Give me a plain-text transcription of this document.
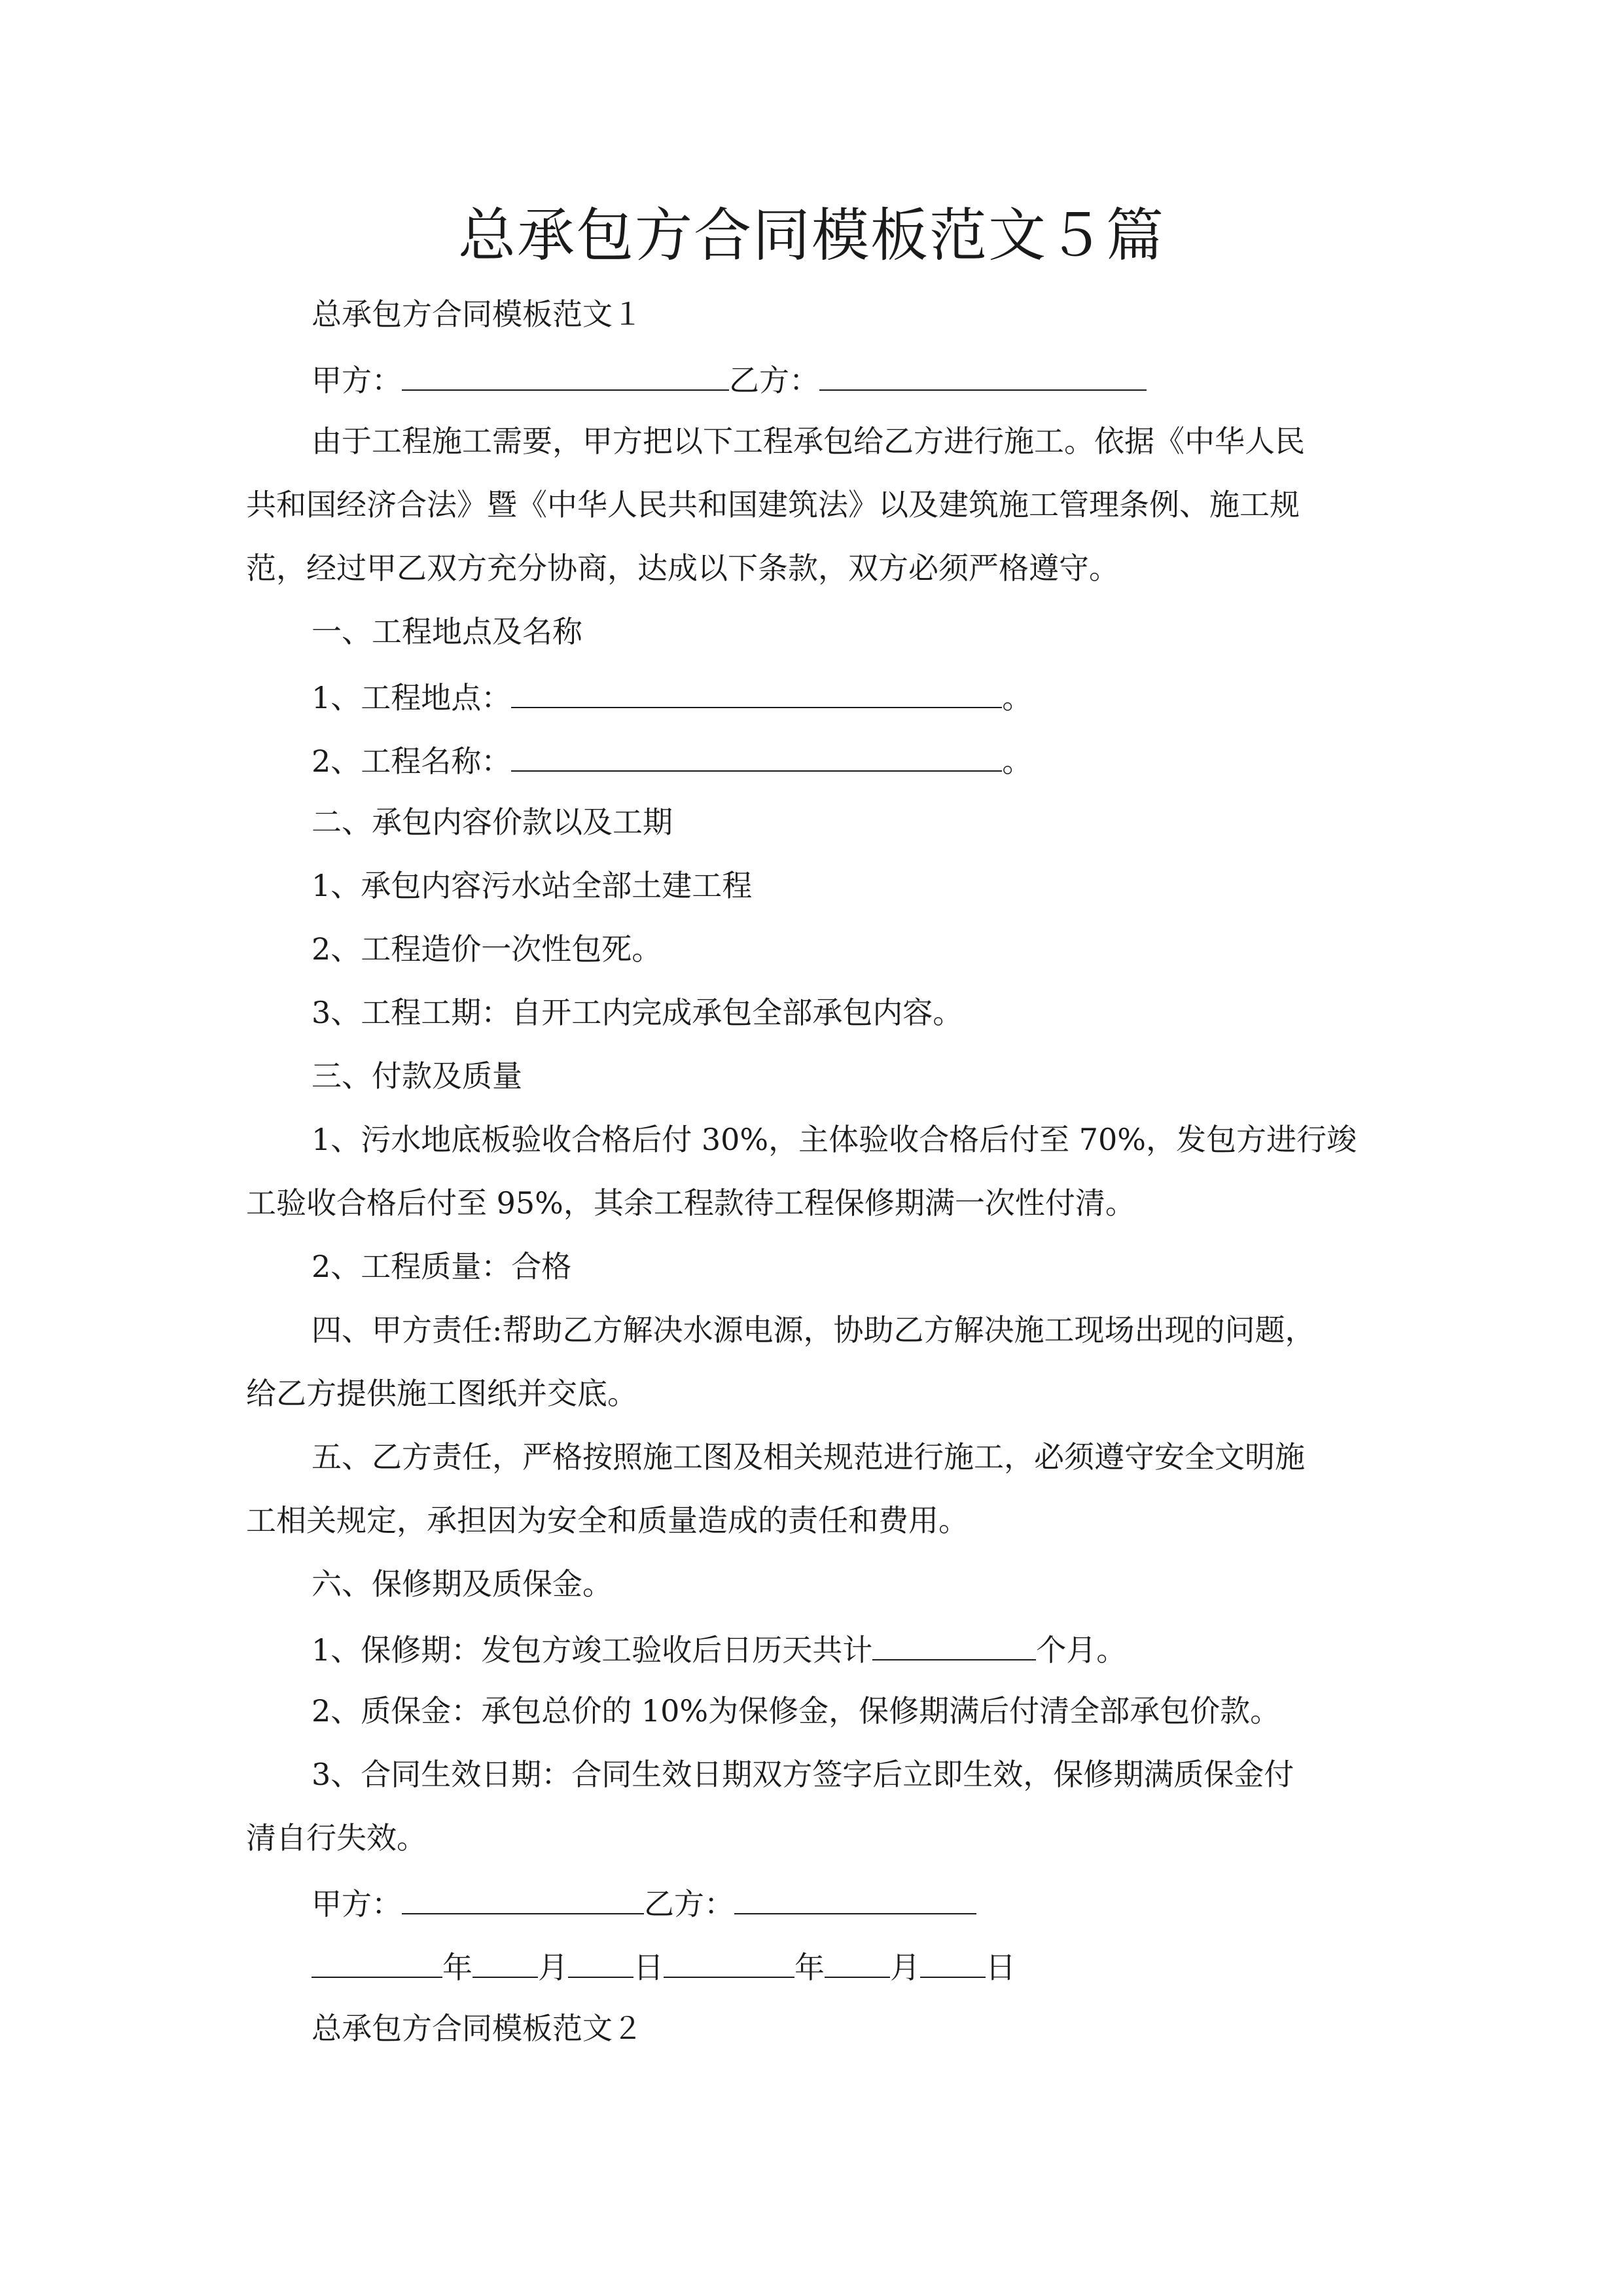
总承包方合同模板范文５篇
总承包方合同模板范文１
甲方：	乙方：
由于工程施工需要，甲方把以下工程承包给乙方进行施工。依据《中华人民
共和国经济合法》暨《中华人民共和国建筑法》以及建筑施工管理条例、施工规
范，经过甲乙双方充分协商，达成以下条款，双方必须严格遵守。
一、工程地点及名称
1、工程地点：	。
2、工程名称：	。
二、承包内容价款以及工期
1、承包内容污水站全部土建工程
2、工程造价一次性包死。
3、工程工期：自开工内完成承包全部承包内容。
三、付款及质量
1、污水地底板验收合格后付 30%，主体验收合格后付至 70%，发包方进行竣
工验收合格后付至 95%，其余工程款待工程保修期满一次性付清。
2、工程质量：合格
四、甲方责任:帮助乙方解决水源电源，协助乙方解决施工现场出现的问题，
给乙方提供施工图纸并交底。
五、乙方责任，严格按照施工图及相关规范进行施工，必须遵守安全文明施
工相关规定，承担因为安全和质量造成的责任和费用。
六、保修期及质保金。
1、保修期：发包方竣工验收后日历天共计	个月。
2、质保金：承包总价的 10%为保修金，保修期满后付清全部承包价款。
3、合同生效日期：合同生效日期双方签字后立即生效，保修期满质保金付
清自行失效。
甲方：	乙方：
年 月 日	年 月 日
总承包方合同模板范文２
